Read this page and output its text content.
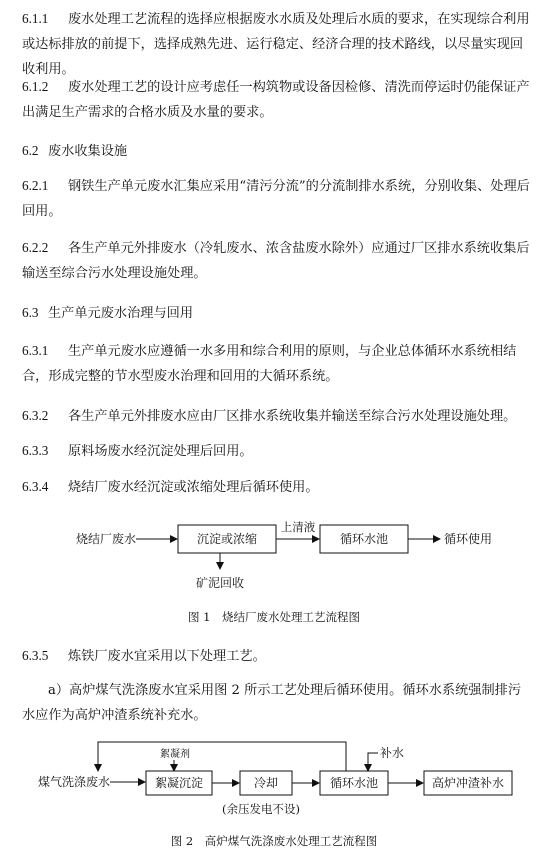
6.1.1 废水处理工艺流程的选择应根据废水水质及处理后水质的要求，在实现综合利用或达标排放的前提下，选择成熟先进、运行稳定、经济合理的技术路线，以尽量实现回收利用。
6.1.2 废水处理工艺的设计应考虑任一构筑物或设备因检修、清洗而停运时仍能保证产出满足生产需求的合格水质及水量的要求。
6.2 废水收集设施
6.2.1 钢铁生产单元废水汇集应采用“清污分流”的分流制排水系统，分别收集、处理后回用。
6.2.2 各生产单元外排废水（冷轧废水、浓含盐废水除外）应通过厂区排水系统收集后输送至综合污水处理设施处理。
6.3 生产单元废水治理与回用
6.3.1 生产单元废水应遵循一水多用和综合利用的原则，与企业总体循环水系统相结合，形成完整的节水型废水治理和回用的大循环系统。
6.3.2 各生产单元外排废水应由厂区排水系统收集并输送至综合污水处理设施处理。
6.3.3 原料场废水经沉淀处理后回用。
6.3.4 烧结厂废水经沉淀或浓缩处理后循环使用。
烧结厂废水	沉淀或浓缩
上清液
循环水池	循环使用
矿泥回收
图 1　烧结厂废水处理工艺流程图
6.3.5 炼铁厂废水宜采用以下处理工艺。
a）高炉煤气洗涤废水宜采用图 2 所示工艺处理后循环使用。循环水系统强制排污水应作为高炉冲渣系统补充水。
煤气洗涤废水
絮凝剂
絮凝沉淀	冷却	循环水池
补水
高炉冲渣补水
(余压发电不设)
图 2　高炉煤气洗涤废水处理工艺流程图
